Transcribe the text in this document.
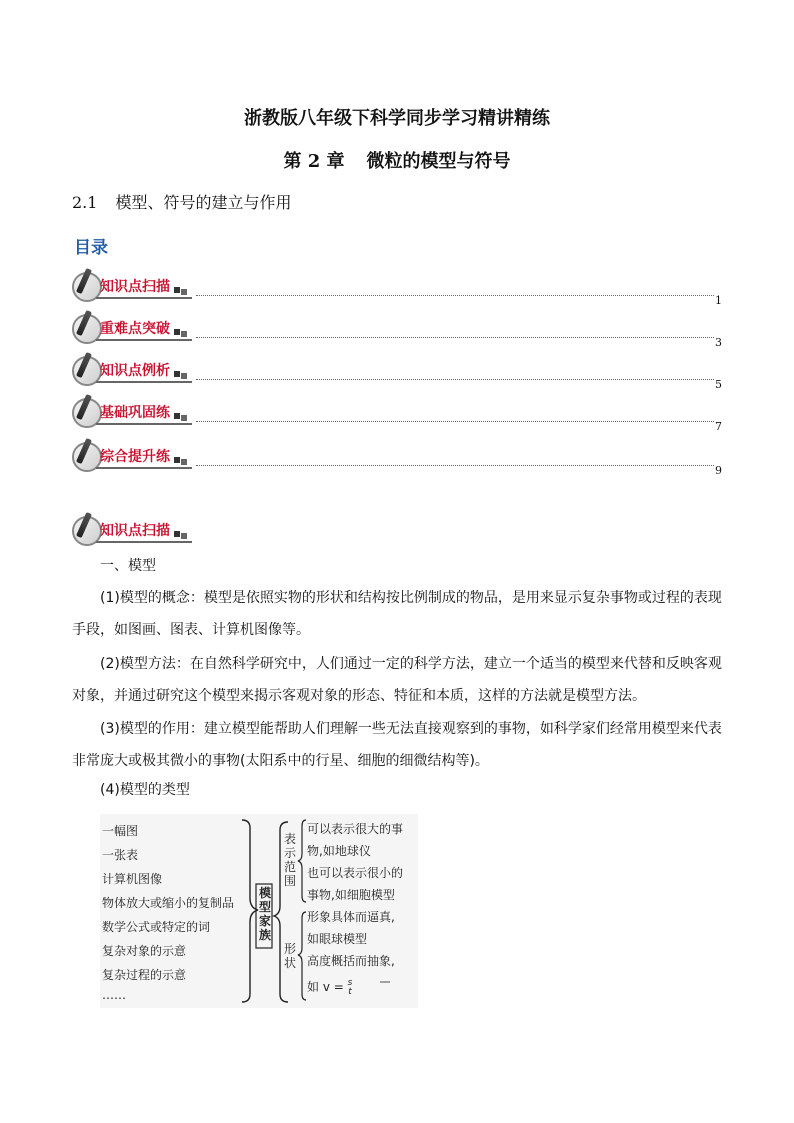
浙教版八年级下科学同步学习精讲精练
第 2 章 微粒的模型与符号
2.1 模型、符号的建立与作用
目录
知识点扫描
1
重难点突破
3
知识点例析
5
基础巩固练
7
综合提升练
9
知识点扫描
一、模型
(1)模型的概念：模型是依照实物的形状和结构按比例制成的物品，是用来显示复杂事物或过程的表现手段，如图画、图表、计算机图像等。
(2)模型方法：在自然科学研究中，人们通过一定的科学方法，建立一个适当的模型来代替和反映客观对象，并通过研究这个模型来揭示客观对象的形态、特征和本质，这样的方法就是模型方法。
(3)模型的作用：建立模型能帮助人们理解一些无法直接观察到的事物，如科学家们经常用模型来代表非常庞大或极其微小的事物(太阳系中的行星、细胞的细微结构等)。
(4)模型的类型
一幅图
一张表
计算机图像
物体放大或缩小的复制品
数学公式或特定的词
复杂对象的示意
复杂过程的示意
……
模型家族
表示范围
形状
可以表示很大的事
物,如地球仪
也可以表示很小的
事物,如细胞模型
形象具体而逼真,
如眼球模型
高度概括而抽象,
如 v = s
t
